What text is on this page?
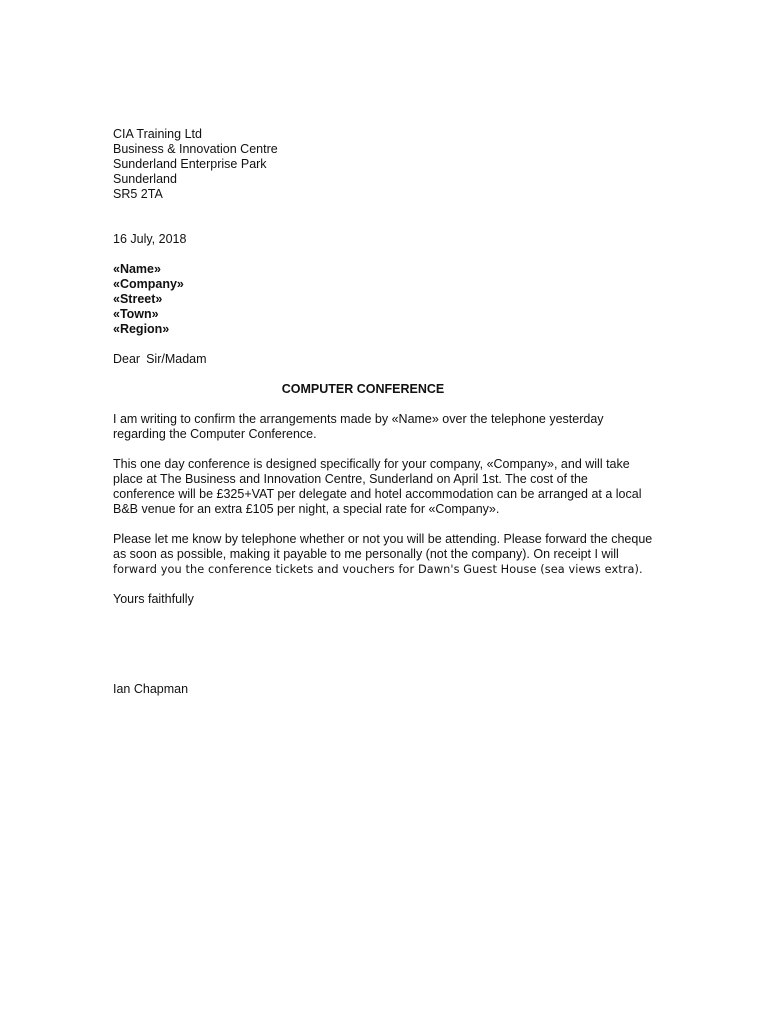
CIA Training Ltd
Business & Innovation Centre
Sunderland Enterprise Park
Sunderland
SR5 2TA
16 July, 2018
«Name»
«Company»
«Street»
«Town»
«Region»
Dear Sir/Madam
COMPUTER CONFERENCE
I am writing to confirm the arrangements made by «Name» over the telephone yesterday
regarding the Computer Conference.
This one day conference is designed specifically for your company, «Company», and will take
place at The Business and Innovation Centre, Sunderland on April 1st. The cost of the
conference will be £325+VAT per delegate and hotel accommodation can be arranged at a local
B&B venue for an extra £105 per night, a special rate for «Company».
Please let me know by telephone whether or not you will be attending. Please forward the cheque
as soon as possible, making it payable to me personally (not the company). On receipt I will
forward you the conference tickets and vouchers for Dawn's Guest House (sea views extra).
Yours faithfully
Ian Chapman
